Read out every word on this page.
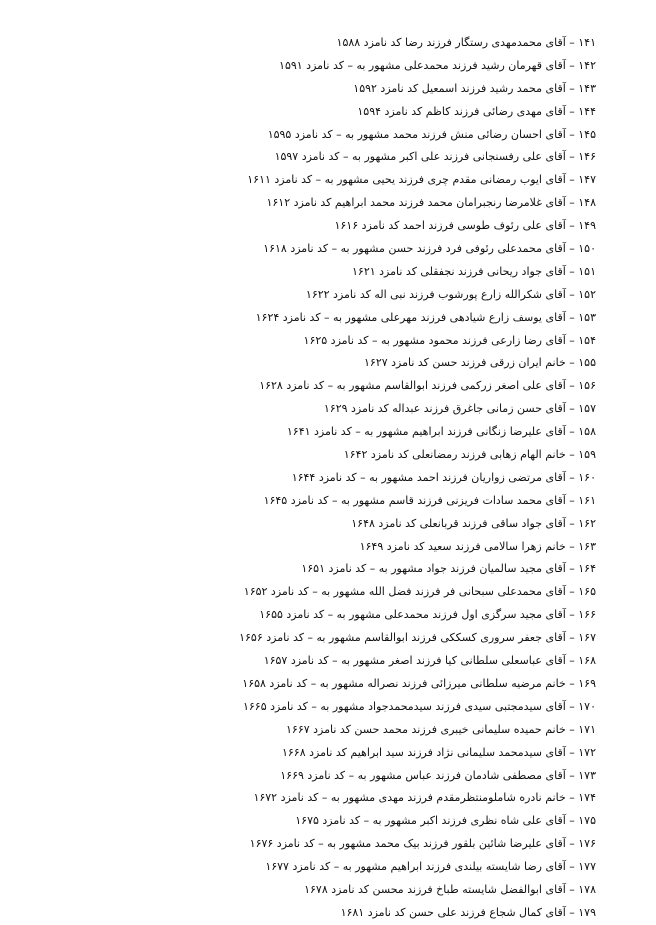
۱۴۱ – آقای محمدمهدی رستگار فرزند رضا کد نامزد ۱۵۸۸
۱۴۲ – آقای قهرمان رشید فرزند محمدعلی مشهور به – کد نامزد ۱۵۹۱
۱۴۳ – آقای محمد رشید فرزند اسمعیل کد نامزد ۱۵۹۲
۱۴۴ – آقای مهدی رضائی فرزند کاظم کد نامزد ۱۵۹۴
۱۴۵ – آقای احسان رضائی منش فرزند محمد مشهور به – کد نامزد ۱۵۹۵
۱۴۶ – آقای علی رفسنجانی فرزند علی اکبر مشهور به – کد نامزد ۱۵۹۷
۱۴۷ – آقای ایوب رمضانی مقدم چری فرزند یحیی مشهور به – کد نامزد ۱۶۱۱
۱۴۸ – آقای غلامرضا رنجبرامان محمد فرزند محمد ابراهیم کد نامزد ۱۶۱۲
۱۴۹ – آقای علی رئوف طوسی فرزند احمد کد نامزد ۱۶۱۶
۱۵۰ – آقای محمدعلی رئوفی فرد فرزند حسن مشهور به – کد نامزد ۱۶۱۸
۱۵۱ – آقای جواد ریحانی فرزند نجفقلی کد نامزد ۱۶۲۱
۱۵۲ – آقای شکرالله زارع پورشوب فرزند نبی اله کد نامزد ۱۶۲۲
۱۵۳ – آقای یوسف زارع شیادهی فرزند مهرعلی مشهور به – کد نامزد ۱۶۲۴
۱۵۴ – آقای رضا زارعی فرزند محمود مشهور به – کد نامزد ۱۶۲۵
۱۵۵ – خانم ایران زرقی فرزند حسن کد نامزد ۱۶۲۷
۱۵۶ – آقای علی اصغر زرکمی فرزند ابوالقاسم مشهور به – کد نامزد ۱۶۲۸
۱۵۷ – آقای حسن زمانی جاغرق فرزند عبداله کد نامزد ۱۶۲۹
۱۵۸ – آقای علیرضا زنگانی فرزند ابراهیم مشهور به – کد نامزد ۱۶۴۱
۱۵۹ – خانم الهام زهابی فرزند رمضانعلی کد نامزد ۱۶۴۲
۱۶۰ – آقای مرتضی زواریان فرزند احمد مشهور به – کد نامزد ۱۶۴۴
۱۶۱ – آقای محمد سادات فریزنی فرزند قاسم مشهور به – کد نامزد ۱۶۴۵
۱۶۲ – آقای جواد ساقی فرزند قربانعلی کد نامزد ۱۶۴۸
۱۶۳ – خانم زهرا سالامی فرزند سعید کد نامزد ۱۶۴۹
۱۶۴ – آقای مجید سالمیان فرزند جواد مشهور به – کد نامزد ۱۶۵۱
۱۶۵ – آقای محمدعلی سبحانی فر فرزند فضل الله مشهور به – کد نامزد ۱۶۵۲
۱۶۶ – آقای مجید سرگزی اول فرزند محمدعلی مشهور به – کد نامزد ۱۶۵۵
۱۶۷ – آقای جعفر سروری کسککی فرزند ابوالقاسم مشهور به – کد نامزد ۱۶۵۶
۱۶۸ – آقای عباسعلی سلطانی کیا فرزند اصغر مشهور به – کد نامزد ۱۶۵۷
۱۶۹ – خانم مرضیه سلطانی میرزائی فرزند نصراله مشهور به – کد نامزد ۱۶۵۸
۱۷۰ – آقای سیدمجتبی سیدی فرزند سیدمحمدجواد مشهور به – کد نامزد ۱۶۶۵
۱۷۱ – خانم حمیده سلیمانی خیبری فرزند محمد حسن کد نامزد ۱۶۶۷
۱۷۲ – آقای سیدمحمد سلیمانی نژاد فرزند سید ابراهیم کد نامزد ۱۶۶۸
۱۷۳ – آقای مصطفی شادمان فرزند عباس مشهور به – کد نامزد ۱۶۶۹
۱۷۴ – خانم نادره شاملومنتظرمقدم فرزند مهدی مشهور به – کد نامزد ۱۶۷۲
۱۷۵ – آقای علی شاه نظری فرزند اکبر مشهور به – کد نامزد ۱۶۷۵
۱۷۶ – آقای علیرضا شائین بلقور فرزند بیک محمد مشهور به – کد نامزد ۱۶۷۶
۱۷۷ – آقای رضا شایسته بیلندی فرزند ابراهیم مشهور به – کد نامزد ۱۶۷۷
۱۷۸ – آقای ابوالفضل شایسته طباخ فرزند محسن کد نامزد ۱۶۷۸
۱۷۹ – آقای کمال شجاع فرزند علی حسن کد نامزد ۱۶۸۱
